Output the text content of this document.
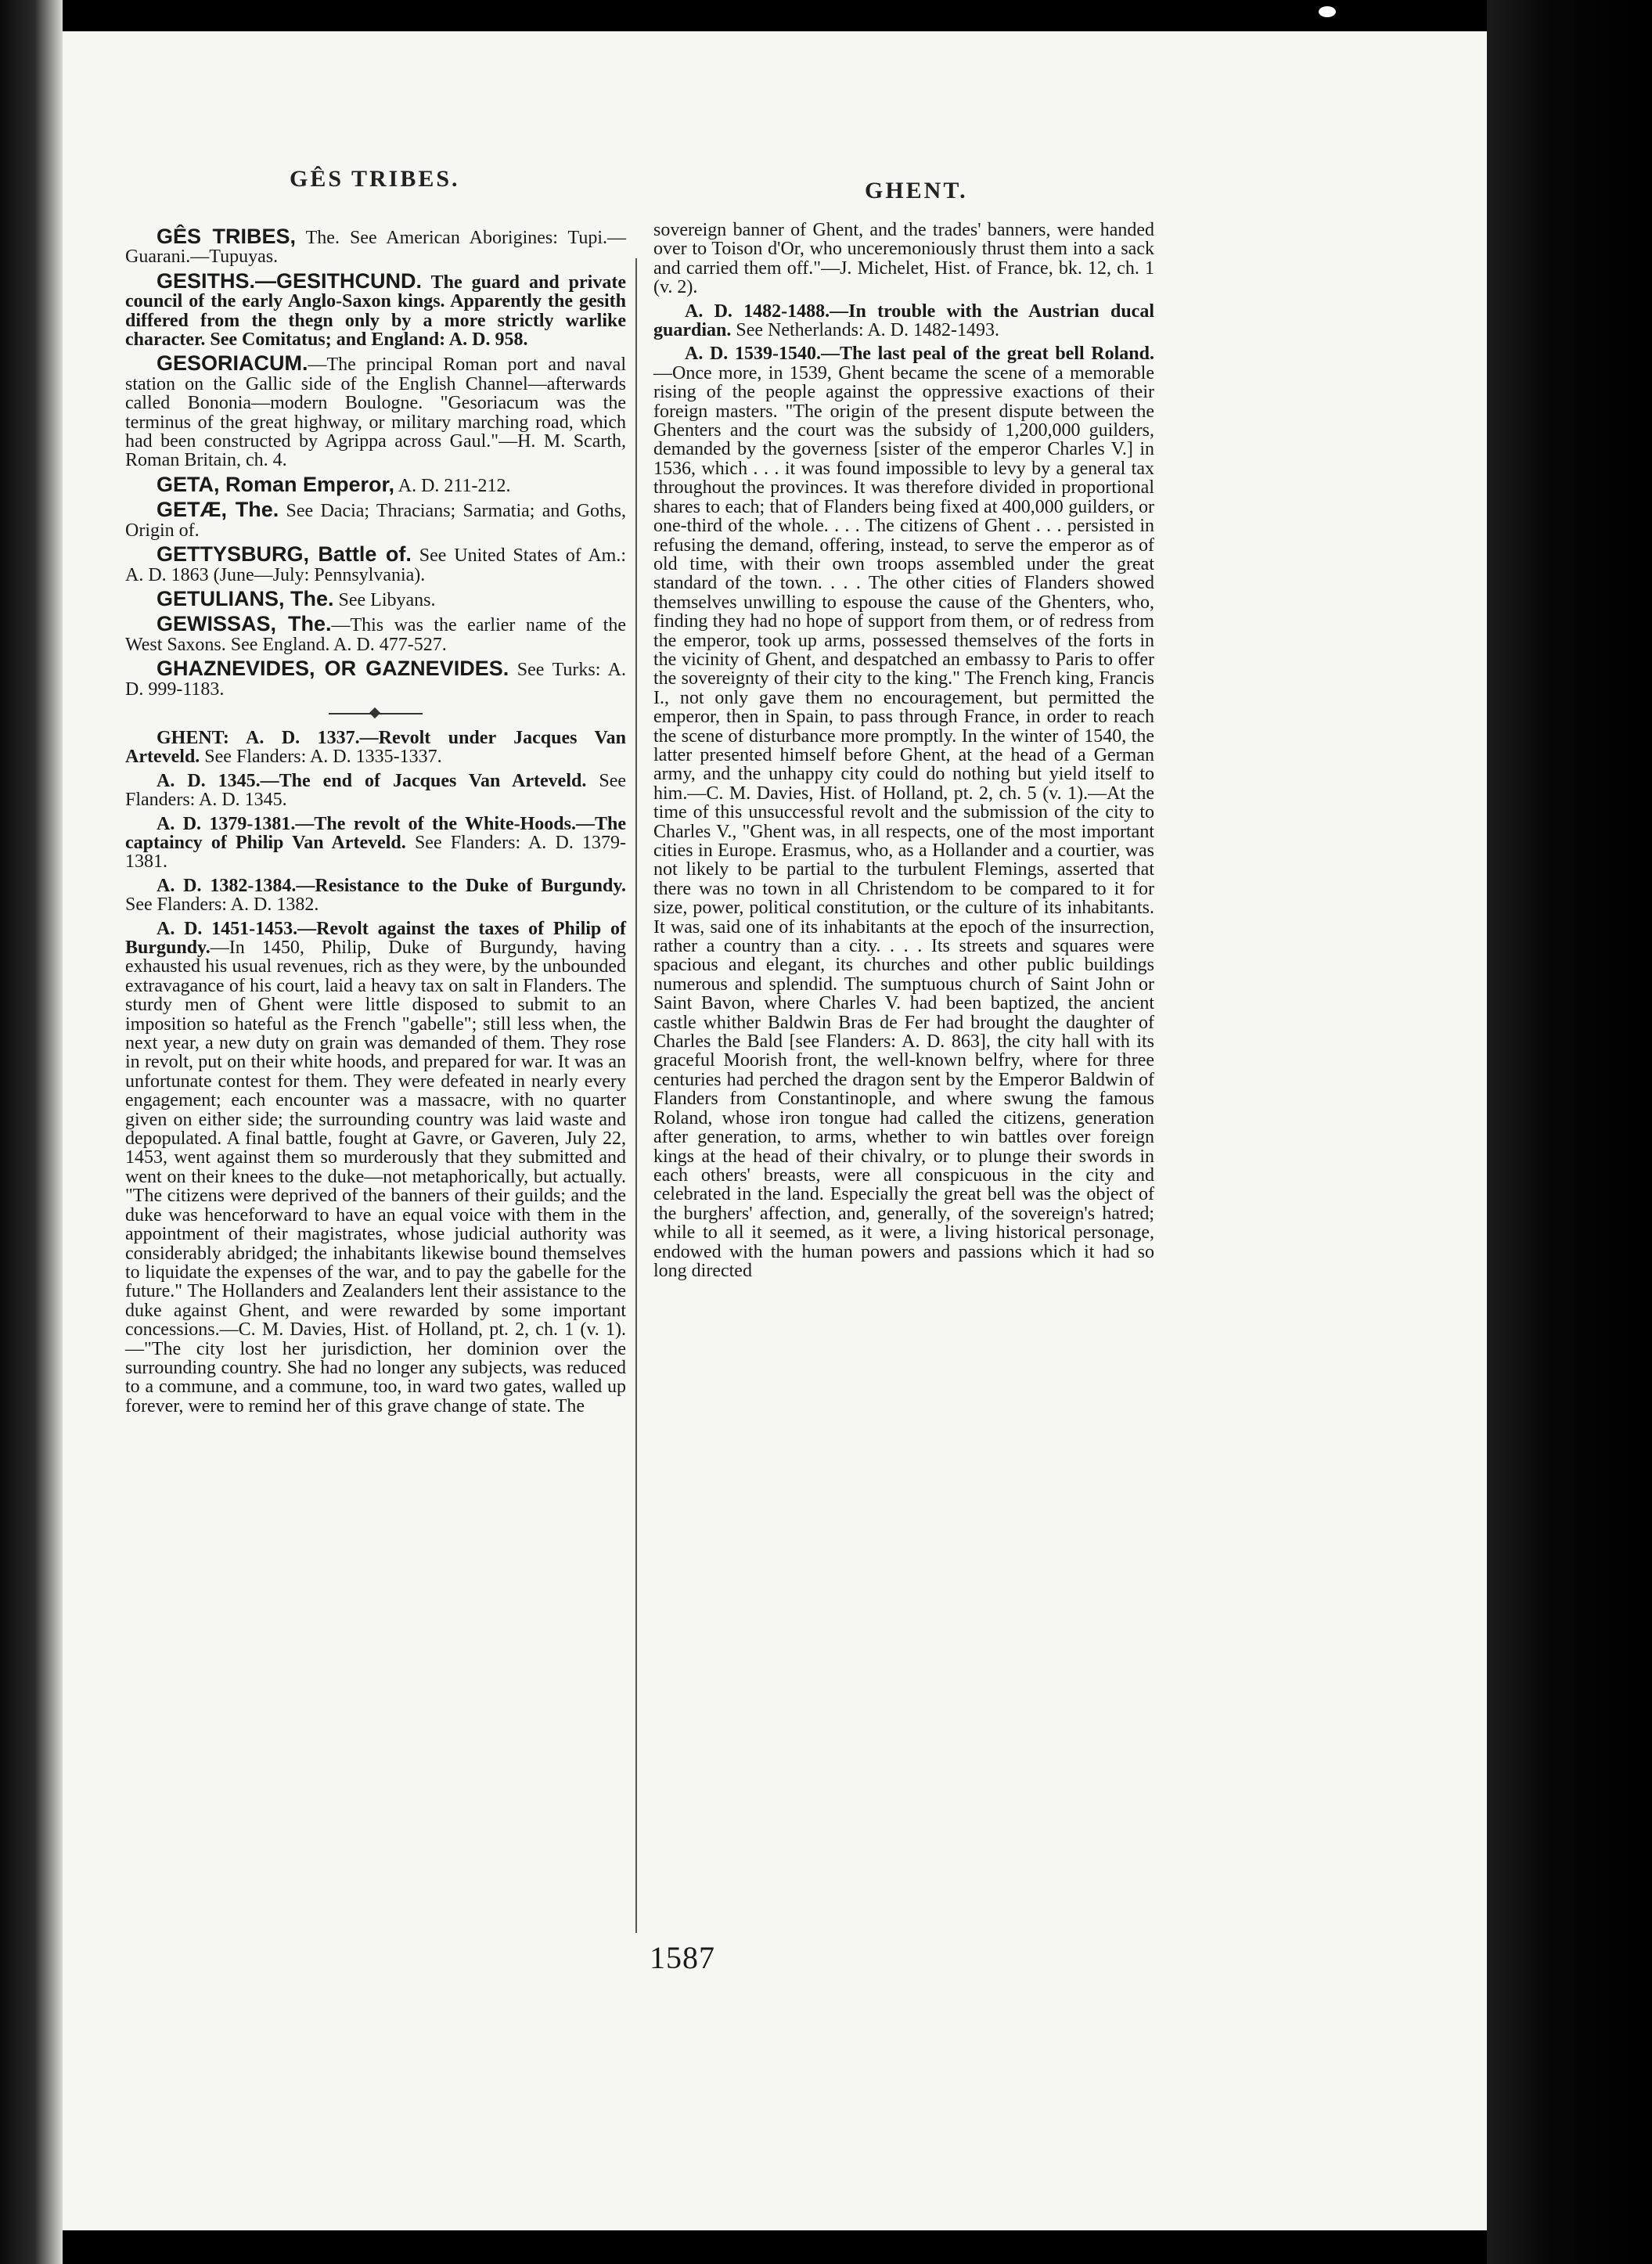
GÊS TRIBES.	GHENT.

GÊS TRIBES, The. See American Aborigines: Tupi.—Guarani.—Tupuyas.

GESITHS.—GESITHCUND. The guard and private council of the early Anglo-Saxon kings. Apparently the gesith differed from the thegn only by a more strictly warlike character. See Comitatus; and England: A. D. 958.

GESORIACUM.—The principal Roman port and naval station on the Gallic side of the English Channel—afterwards called Bononia—modern Boulogne. "Gesoriacum was the terminus of the great highway, or military marching road, which had been constructed by Agrippa across Gaul."—H. M. Scarth, Roman Britain, ch. 4.

GETA, Roman Emperor, A. D. 211-212.

GETÆ, The. See Dacia; Thracians; Sarmatia; and Goths, Origin of.

GETTYSBURG, Battle of. See United States of Am.: A. D. 1863 (June—July: Pennsylvania).

GETULIANS, The. See Libyans.

GEWISSAS, The.—This was the earlier name of the West Saxons. See England. A. D. 477-527.

GHAZNEVIDES, OR GAZNEVIDES. See Turks: A. D. 999-1183.

GHENT: A. D. 1337.—Revolt under Jacques Van Arteveld. See Flanders: A. D. 1335-1337.

A. D. 1345.—The end of Jacques Van Arteveld. See Flanders: A. D. 1345.

A. D. 1379-1381.—The revolt of the White-Hoods.—The captaincy of Philip Van Arteveld. See Flanders: A. D. 1379-1381.

A. D. 1382-1384.—Resistance to the Duke of Burgundy. See Flanders: A. D. 1382.

A. D. 1451-1453.—Revolt against the taxes of Philip of Burgundy.—In 1450, Philip, Duke of Burgundy, having exhausted his usual revenues, rich as they were, by the unbounded extravagance of his court, laid a heavy tax on salt in Flanders. The sturdy men of Ghent were little disposed to submit to an imposition so hateful as the French "gabelle"; still less when, the next year, a new duty on grain was demanded of them. They rose in revolt, put on their white hoods, and prepared for war. It was an unfortunate contest for them. They were defeated in nearly every engagement; each encounter was a massacre, with no quarter given on either side; the surrounding country was laid waste and depopulated. A final battle, fought at Gavre, or Gaveren, July 22, 1453, went against them so murderously that they submitted and went on their knees to the duke—not metaphorically, but actually. "The citizens were deprived of the banners of their guilds; and the duke was henceforward to have an equal voice with them in the appointment of their magistrates, whose judicial authority was considerably abridged; the inhabitants likewise bound themselves to liquidate the expenses of the war, and to pay the gabelle for the future." The Hollanders and Zealanders lent their assistance to the duke against Ghent, and were rewarded by some important concessions.—C. M. Davies, Hist. of Holland, pt. 2, ch. 1 (v. 1).—"The city lost her jurisdiction, her dominion over the surrounding country. She had no longer any subjects, was reduced to a commune, and a commune, too, in ward two gates, walled up forever, were to remind her of this grave change of state. The

sovereign banner of Ghent, and the trades' banners, were handed over to Toison d'Or, who unceremoniously thrust them into a sack and carried them off."—J. Michelet, Hist. of France, bk. 12, ch. 1 (v. 2).

A. D. 1482-1488.—In trouble with the Austrian ducal guardian. See Netherlands: A. D. 1482-1493.

A. D. 1539-1540.—The last peal of the great bell Roland.—Once more, in 1539, Ghent became the scene of a memorable rising of the people against the oppressive exactions of their foreign masters. "The origin of the present dispute between the Ghenters and the court was the subsidy of 1,200,000 guilders, demanded by the governess [sister of the emperor Charles V.] in 1536, which . . . it was found impossible to levy by a general tax throughout the provinces. It was therefore divided in proportional shares to each; that of Flanders being fixed at 400,000 guilders, or one-third of the whole. . . . The citizens of Ghent . . . persisted in refusing the demand, offering, instead, to serve the emperor as of old time, with their own troops assembled under the great standard of the town. . . . The other cities of Flanders showed themselves unwilling to espouse the cause of the Ghenters, who, finding they had no hope of support from them, or of redress from the emperor, took up arms, possessed themselves of the forts in the vicinity of Ghent, and despatched an embassy to Paris to offer the sovereignty of their city to the king." The French king, Francis I., not only gave them no encouragement, but permitted the emperor, then in Spain, to pass through France, in order to reach the scene of disturbance more promptly. In the winter of 1540, the latter presented himself before Ghent, at the head of a German army, and the unhappy city could do nothing but yield itself to him.—C. M. Davies, Hist. of Holland, pt. 2, ch. 5 (v. 1).—At the time of this unsuccessful revolt and the submission of the city to Charles V., "Ghent was, in all respects, one of the most important cities in Europe. Erasmus, who, as a Hollander and a courtier, was not likely to be partial to the turbulent Flemings, asserted that there was no town in all Christendom to be compared to it for size, power, political constitution, or the culture of its inhabitants. It was, said one of its inhabitants at the epoch of the insurrection, rather a country than a city. . . . Its streets and squares were spacious and elegant, its churches and other public buildings numerous and splendid. The sumptuous church of Saint John or Saint Bavon, where Charles V. had been baptized, the ancient castle whither Baldwin Bras de Fer had brought the daughter of Charles the Bald [see Flanders: A. D. 863], the city hall with its graceful Moorish front, the well-known belfry, where for three centuries had perched the dragon sent by the Emperor Baldwin of Flanders from Constantinople, and where swung the famous Roland, whose iron tongue had called the citizens, generation after generation, to arms, whether to win battles over foreign kings at the head of their chivalry, or to plunge their swords in each others' breasts, were all conspicuous in the city and celebrated in the land. Especially the great bell was the object of the burghers' affection, and, generally, of the sovereign's hatred; while to all it seemed, as it were, a living historical personage, endowed with the human powers and passions which it had so long directed

1587
